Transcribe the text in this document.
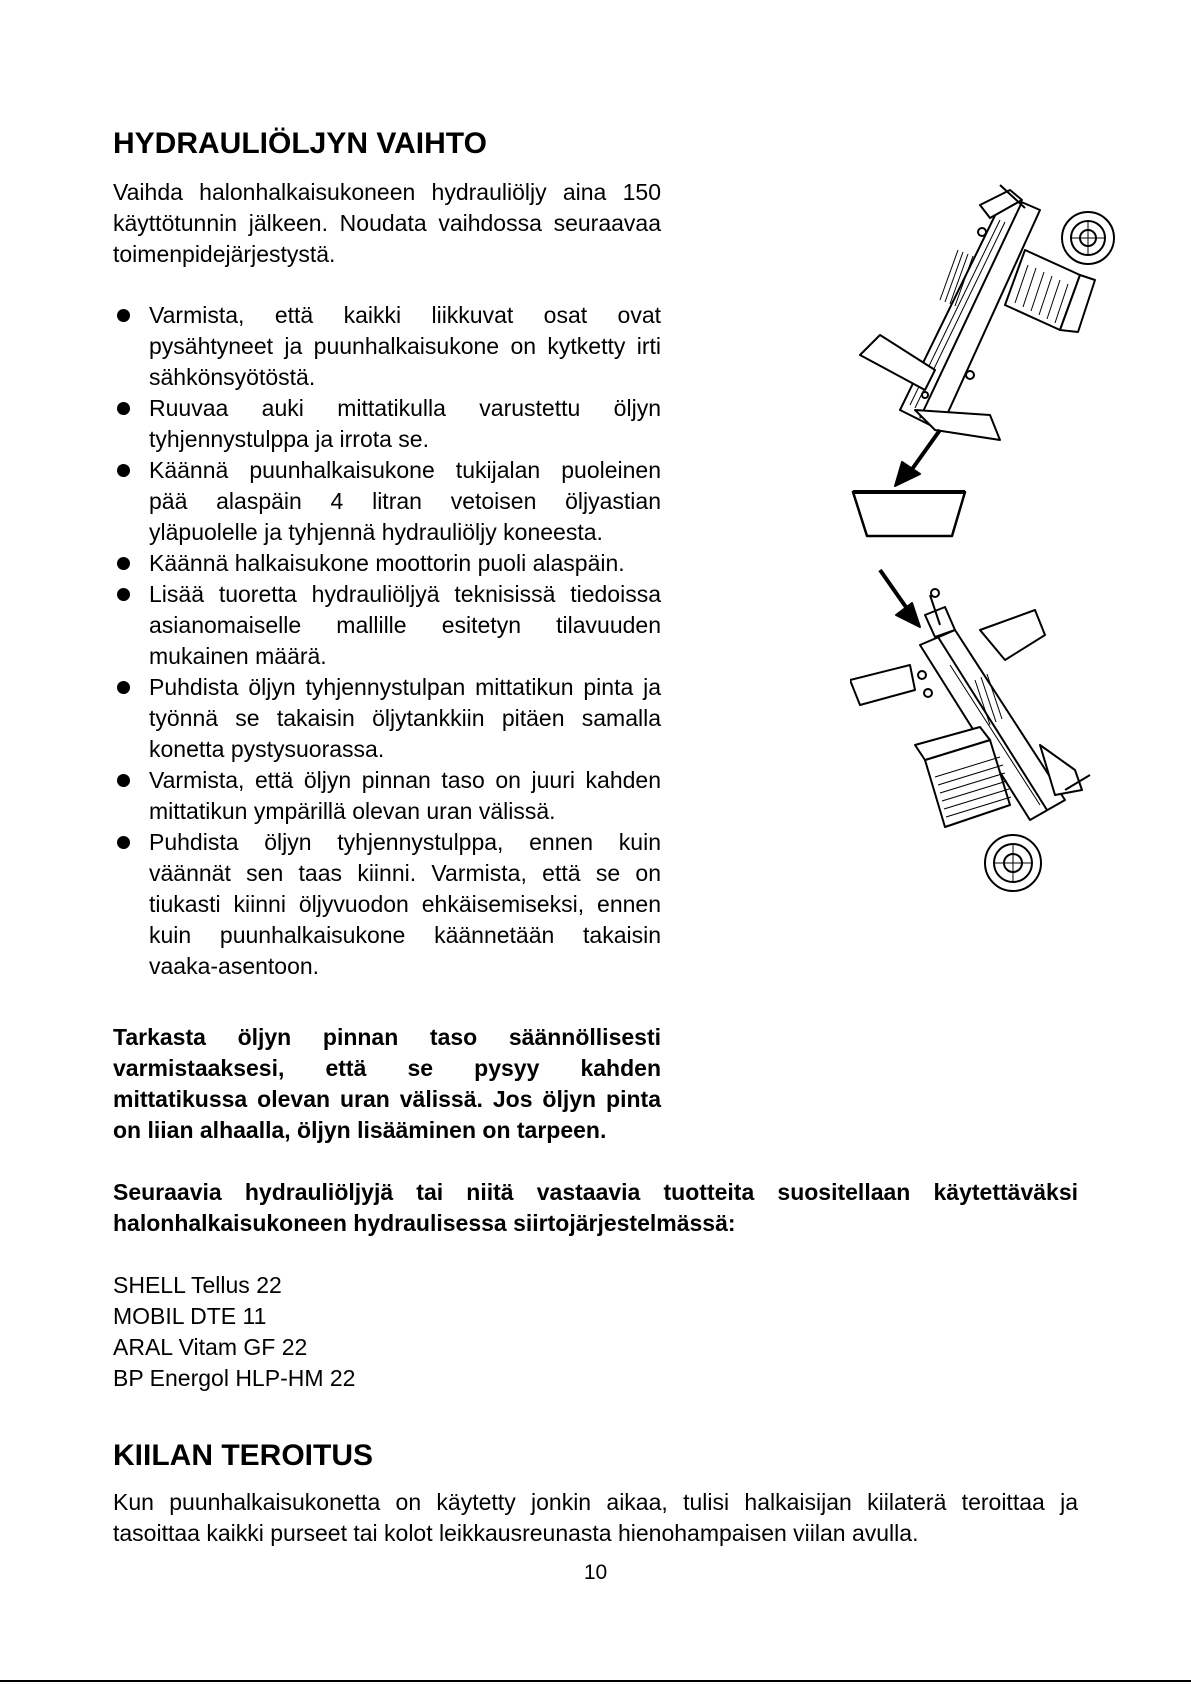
HYDRAULIÖLJYN VAIHTO

Vaihda halonhalkaisukoneen hydrauliöljy aina 150 käyttötunnin jälkeen. Noudata vaihdossa seuraavaa toimenpidejärjestystä.

Varmista, että kaikki liikkuvat osat ovat pysähtyneet ja puunhalkaisukone on kytketty irti sähkönsyötöstä.
Ruuvaa auki mittatikulla varustettu öljyn tyhjennystulppa ja irrota se.
Käännä puunhalkaisukone tukijalan puoleinen pää alaspäin 4 litran vetoisen öljyastian yläpuolelle ja tyhjennä hydrauliöljy koneesta.
Käännä halkaisukone moottorin puoli alaspäin.
Lisää tuoretta hydrauliöljyä teknisissä tiedoissa asianomaiselle mallille esitetyn tilavuuden mukainen määrä.
Puhdista öljyn tyhjennystulpan mittatikun pinta ja työnnä se takaisin öljytankkiin pitäen samalla konetta pystysuorassa.
Varmista, että öljyn pinnan taso on juuri kahden mittatikun ympärillä olevan uran välissä.
Puhdista öljyn tyhjennystulppa, ennen kuin väännät sen taas kiinni. Varmista, että se on tiukasti kiinni öljyvuodon ehkäisemiseksi, ennen kuin puunhalkaisukone käännetään takaisin vaaka-asentoon.

Tarkasta öljyn pinnan taso säännöllisesti varmistaaksesi, että se pysyy kahden mittatikussa olevan uran välissä. Jos öljyn pinta on liian alhaalla, öljyn lisääminen on tarpeen.

Seuraavia hydrauliöljyjä tai niitä vastaavia tuotteita suositellaan käytettäväksi halonhalkaisukoneen hydraulisessa siirtojärjestelmässä:

SHELL Tellus 22
MOBIL DTE 11
ARAL Vitam GF 22
BP Energol HLP-HM 22
KIILAN TEROITUS

Kun puunhalkaisukonetta on käytetty jonkin aikaa, tulisi halkaisijan kiilaterä teroittaa ja tasoittaa kaikki purseet tai kolot leikkausreunasta hienohampaisen viilan avulla.

10
